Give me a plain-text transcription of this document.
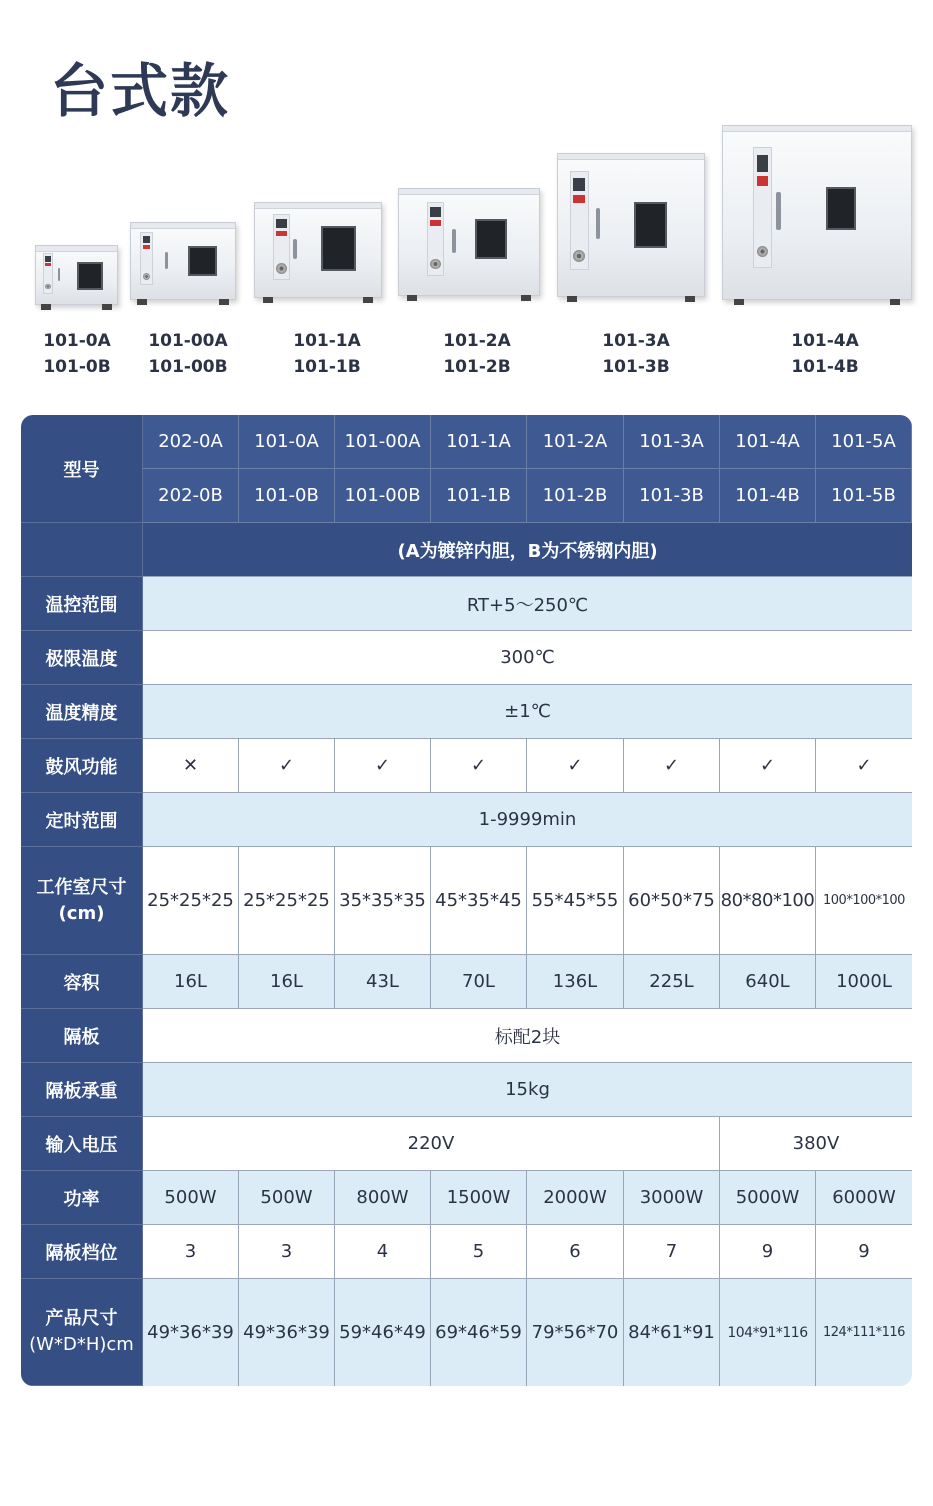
台式款
101-0A
101-0B
101-00A
101-00B
101-1A
101-1B
101-2A
101-2B
101-3A
101-3B
101-4A
101-4B
型号	202-0A	101-0A	101-00A	101-1A	101-2A	101-3A	101-4A	101-5A
	202-0B	101-0B	101-00B	101-1B	101-2B	101-3B	101-4B	101-5B
	(A为镀锌内胆，B为不锈钢内胆)							
温控范围	RT+5～250℃							
极限温度	300℃							
温度精度	±1℃							
鼓风功能	✕	✓	✓	✓	✓	✓	✓	✓
定时范围	1-9999min							

工作室尺寸
(cm)	25*25*25	25*25*25	35*35*35	45*35*45	55*45*55	60*50*75	80*80*100	100*100*100
容积	16L	16L	43L	70L	136L	225L	640L	1000L
隔板	标配2块							
隔板承重	15kg							
输入电压	220V						380V	
功率	500W	500W	800W	1500W	2000W	3000W	5000W	6000W
隔板档位	3	3	4	5	6	7	9	9

产品尺寸
(W*D*H)cm	49*36*39	49*36*39	59*46*49	69*46*59	79*56*70	84*61*91	104*91*116	124*111*116
